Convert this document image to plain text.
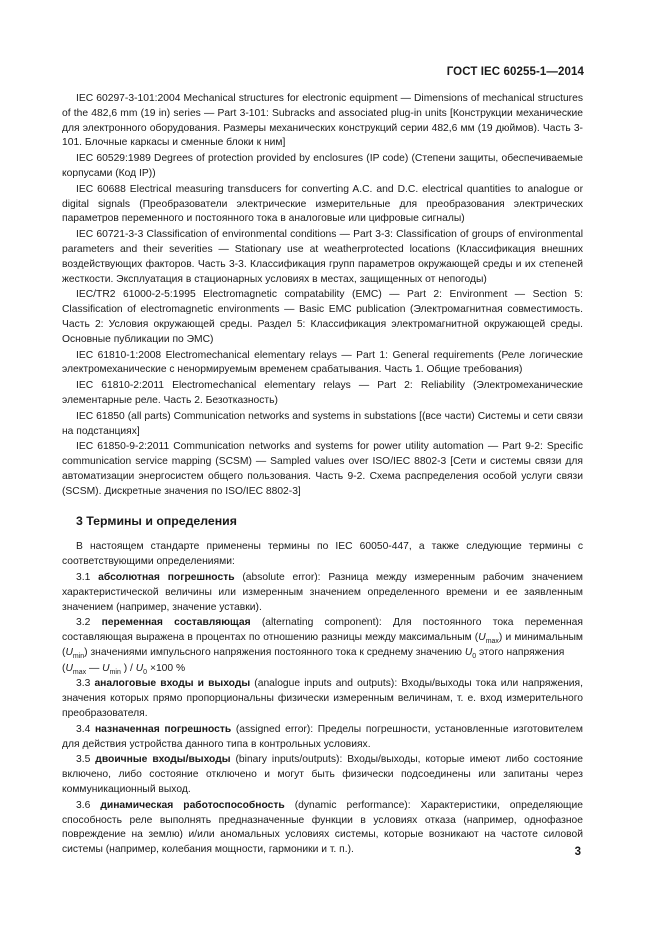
ГОСТ IEC 60255-1—2014

IEC 60297-3-101:2004 Mechanical structures for electronic equipment — Dimensions of mechanical structures of the 482,6 mm (19 in) series — Part 3-101: Subracks and associated plug-in units [Конструкции механические для электронного оборудования. Размеры механических конструкций серии 482,6 мм (19 дюймов). Часть 3-101. Блочные каркасы и сменные блоки к ним]

IEC 60529:1989 Degrees of protection provided by enclosures (IP code) (Степени защиты, обеспечиваемые корпусами (Код IP))

IEC 60688 Electrical measuring transducers for converting A.C. and D.C. electrical quantities to analogue or digital signals (Преобразователи электрические измерительные для преобразования электрических параметров переменного и постоянного тока в аналоговые или цифровые сигналы)

IEC 60721-3-3 Classification of environmental conditions — Part 3-3: Classification of groups of environmental parameters and their severities — Stationary use at weatherprotected locations (Классификация внешних воздействующих факторов. Часть 3-3. Классификация групп параметров окружающей среды и их степеней жесткости. Эксплуатация в стационарных условиях в местах, защищенных от непогоды)

IEC/TR2 61000-2-5:1995 Electromagnetic compatability (EMC) — Part 2: Environment — Section 5: Classification of electromagnetic environments — Basic EMC publication (Электромагнитная совместимость. Часть 2: Условия окружающей среды. Раздел 5: Классификация электромагнитной окружающей среды. Основные публикации по ЭМС)

IEC 61810-1:2008 Electromechanical elementary relays — Part 1: General requirements (Реле логические электромеханические с ненормируемым временем срабатывания. Часть 1. Общие требования)

IEC 61810-2:2011 Electromechanical elementary relays — Part 2: Reliability (Электромеханические элементарные реле. Часть 2. Безотказность)

IEC 61850 (all parts) Communication networks and systems in substations [(все части) Системы и сети связи на подстанциях]

IEC 61850-9-2:2011 Communication networks and systems for power utility automation — Part 9-2: Specific communication service mapping (SCSM) — Sampled values over ISO/IEC 8802-3 [Сети и системы связи для автоматизации энергосистем общего пользования. Часть 9-2. Схема распределения особой услуги связи (SCSM). Дискретные значения по ISO/IEC 8802-3]

3 Термины и определения

В настоящем стандарте применены термины по IEC 60050-447, а также следующие термины с соответствующими определениями:

3.1 абсолютная погрешность (absolute error): Разница между измеренным рабочим значением характеристической величины или измеренным значением определенного времени и ее заявленным значением (например, значение уставки).

3.2 переменная составляющая (alternating component): Для постоянного тока переменная составляющая выражена в процентах по отношению разницы между максимальным $(U_{max})$ и минимальным $(U_{min})$ значениями импульсного напряжения постоянного тока к среднему значению $U_0$ этого напряжения

($U_{max}$ — $U_{min}$ ) / $U_0 \times 100$ %

3.3 аналоговые входы и выходы (analogue inputs and outputs): Входы/выходы тока или напряжения, значения которых прямо пропорциональны физически измеренным величинам, т. е. вход измерительного преобразователя.

3.4 назначенная погрешность (assigned error): Пределы погрешности, установленные изготовителем для действия устройства данного типа в контрольных условиях.

3.5 двоичные входы/выходы (binary inputs/outputs): Входы/выходы, которые имеют либо состояние включено, либо состояние отключено и могут быть физически подсоединены или запитаны через коммуникационный выход.

3.6 динамическая работоспособность (dynamic performance): Характеристики, определяющие способность реле выполнять предназначенные функции в условиях отказа (например, однофазное повреждение на землю) и/или аномальных условиях системы, которые возникают на частоте силовой системы (например, колебания мощности, гармоники и т. п.).	3
